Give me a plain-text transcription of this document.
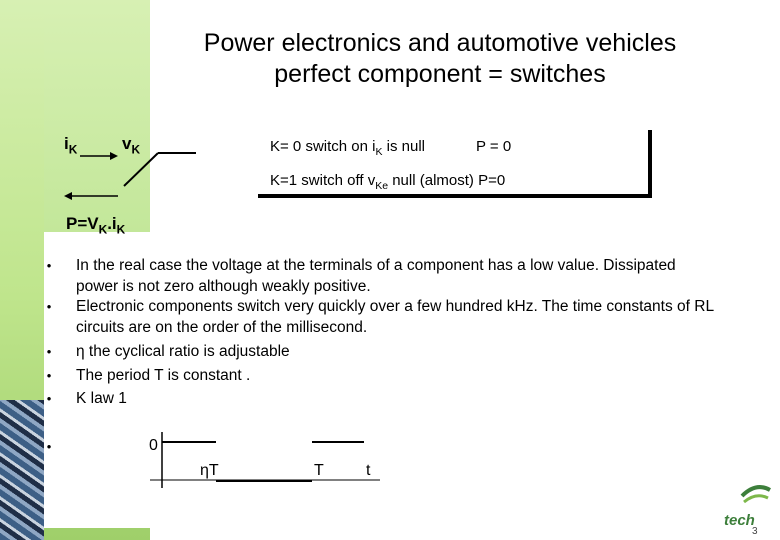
Power electronics and automotive vehicles
perfect component = switches
$i_K$	$v_K$	K= 0 switch on $i_K$ is null	P = 0
K=1 switch off $v_{Ke}$ null (almost) P=0
$P=V_K.i_K$
• In the real case the voltage at the terminals of a component has a low value. Dissipated power is not zero although weakly positive.
• Electronic components switch very quickly over a few hundred kHz. The time constants of RL circuits are on the order of the millisecond.
• η the cyclical ratio is adjustable
• The period T is constant .
• K law 1
•	0
ηT	T	t
tech
3
